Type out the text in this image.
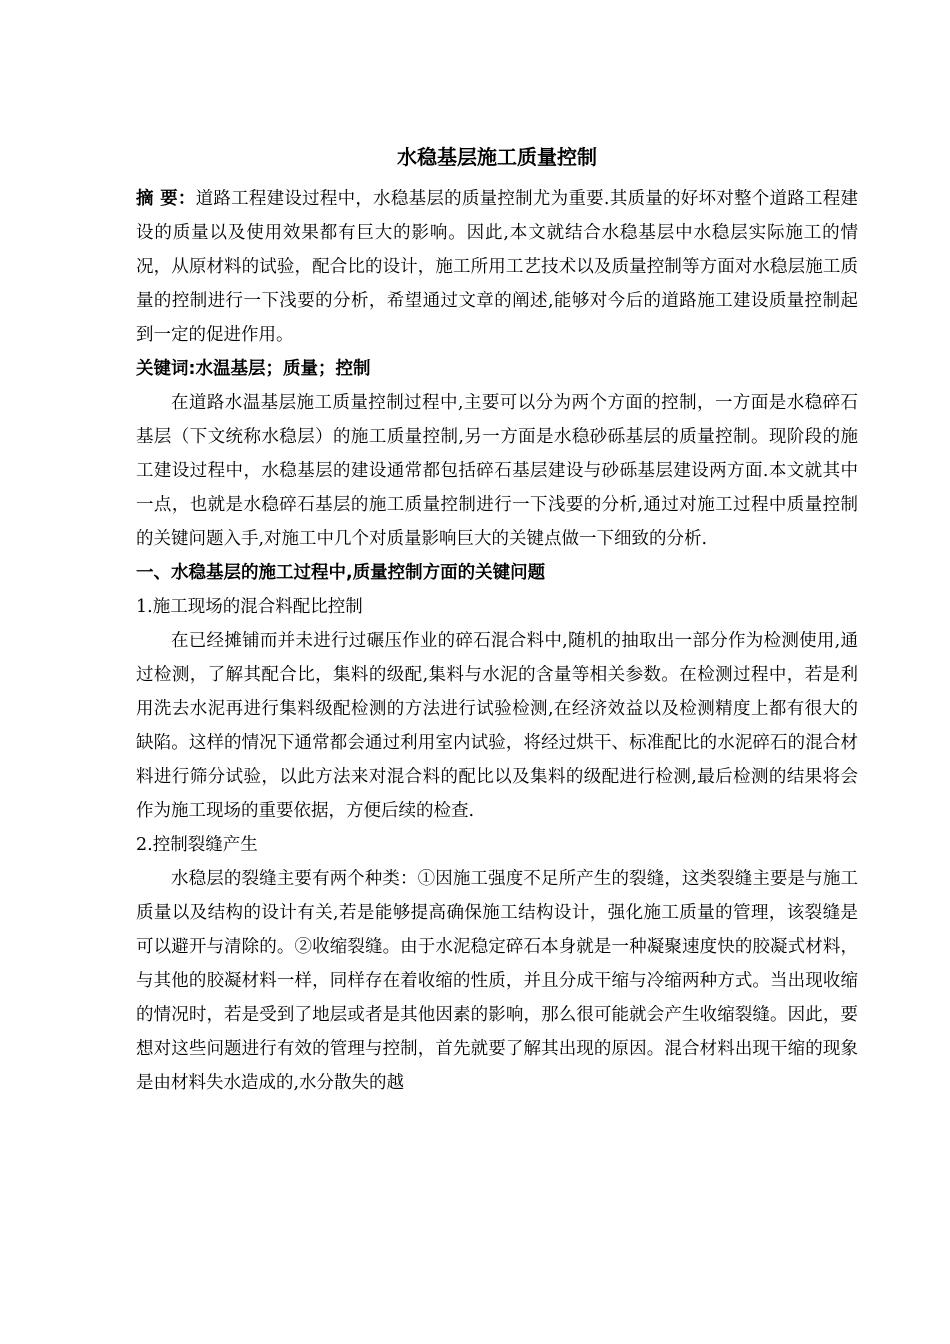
水稳基层施工质量控制

摘 要：道路工程建设过程中，水稳基层的质量控制尤为重要.其质量的好坏对整个道路工程建设的质量以及使用效果都有巨大的影响。因此,本文就结合水稳基层中水稳层实际施工的情况，从原材料的试验，配合比的设计，施工所用工艺技术以及质量控制等方面对水稳层施工质量的控制进行一下浅要的分析，希望通过文章的阐述,能够对今后的道路施工建设质量控制起到一定的促进作用。

关键词:水温基层；质量；控制

在道路水温基层施工质量控制过程中,主要可以分为两个方面的控制，一方面是水稳碎石基层（下文统称水稳层）的施工质量控制,另一方面是水稳砂砾基层的质量控制。现阶段的施工建设过程中，水稳基层的建设通常都包括碎石基层建设与砂砾基层建设两方面.本文就其中一点，也就是水稳碎石基层的施工质量控制进行一下浅要的分析,通过对施工过程中质量控制的关键问题入手,对施工中几个对质量影响巨大的关键点做一下细致的分析.

一、水稳基层的施工过程中,质量控制方面的关键问题

1.施工现场的混合料配比控制

在已经摊铺而并未进行过碾压作业的碎石混合料中,随机的抽取出一部分作为检测使用,通过检测，了解其配合比，集料的级配,集料与水泥的含量等相关参数。在检测过程中，若是利用洗去水泥再进行集料级配检测的方法进行试验检测,在经济效益以及检测精度上都有很大的缺陷。这样的情况下通常都会通过利用室内试验，将经过烘干、标准配比的水泥碎石的混合材料进行筛分试验，以此方法来对混合料的配比以及集料的级配进行检测,最后检测的结果将会作为施工现场的重要依据，方便后续的检查.

2.控制裂缝产生

水稳层的裂缝主要有两个种类：①因施工强度不足所产生的裂缝，这类裂缝主要是与施工质量以及结构的设计有关,若是能够提高确保施工结构设计，强化施工质量的管理，该裂缝是可以避开与清除的。②收缩裂缝。由于水泥稳定碎石本身就是一种凝聚速度快的胶凝式材料，与其他的胶凝材料一样，同样存在着收缩的性质，并且分成干缩与冷缩两种方式。当出现收缩的情况时，若是受到了地层或者是其他因素的影响，那么很可能就会产生收缩裂缝。因此，要想对这些问题进行有效的管理与控制，首先就要了解其出现的原因。混合材料出现干缩的现象是由材料失水造成的,水分散失的越
